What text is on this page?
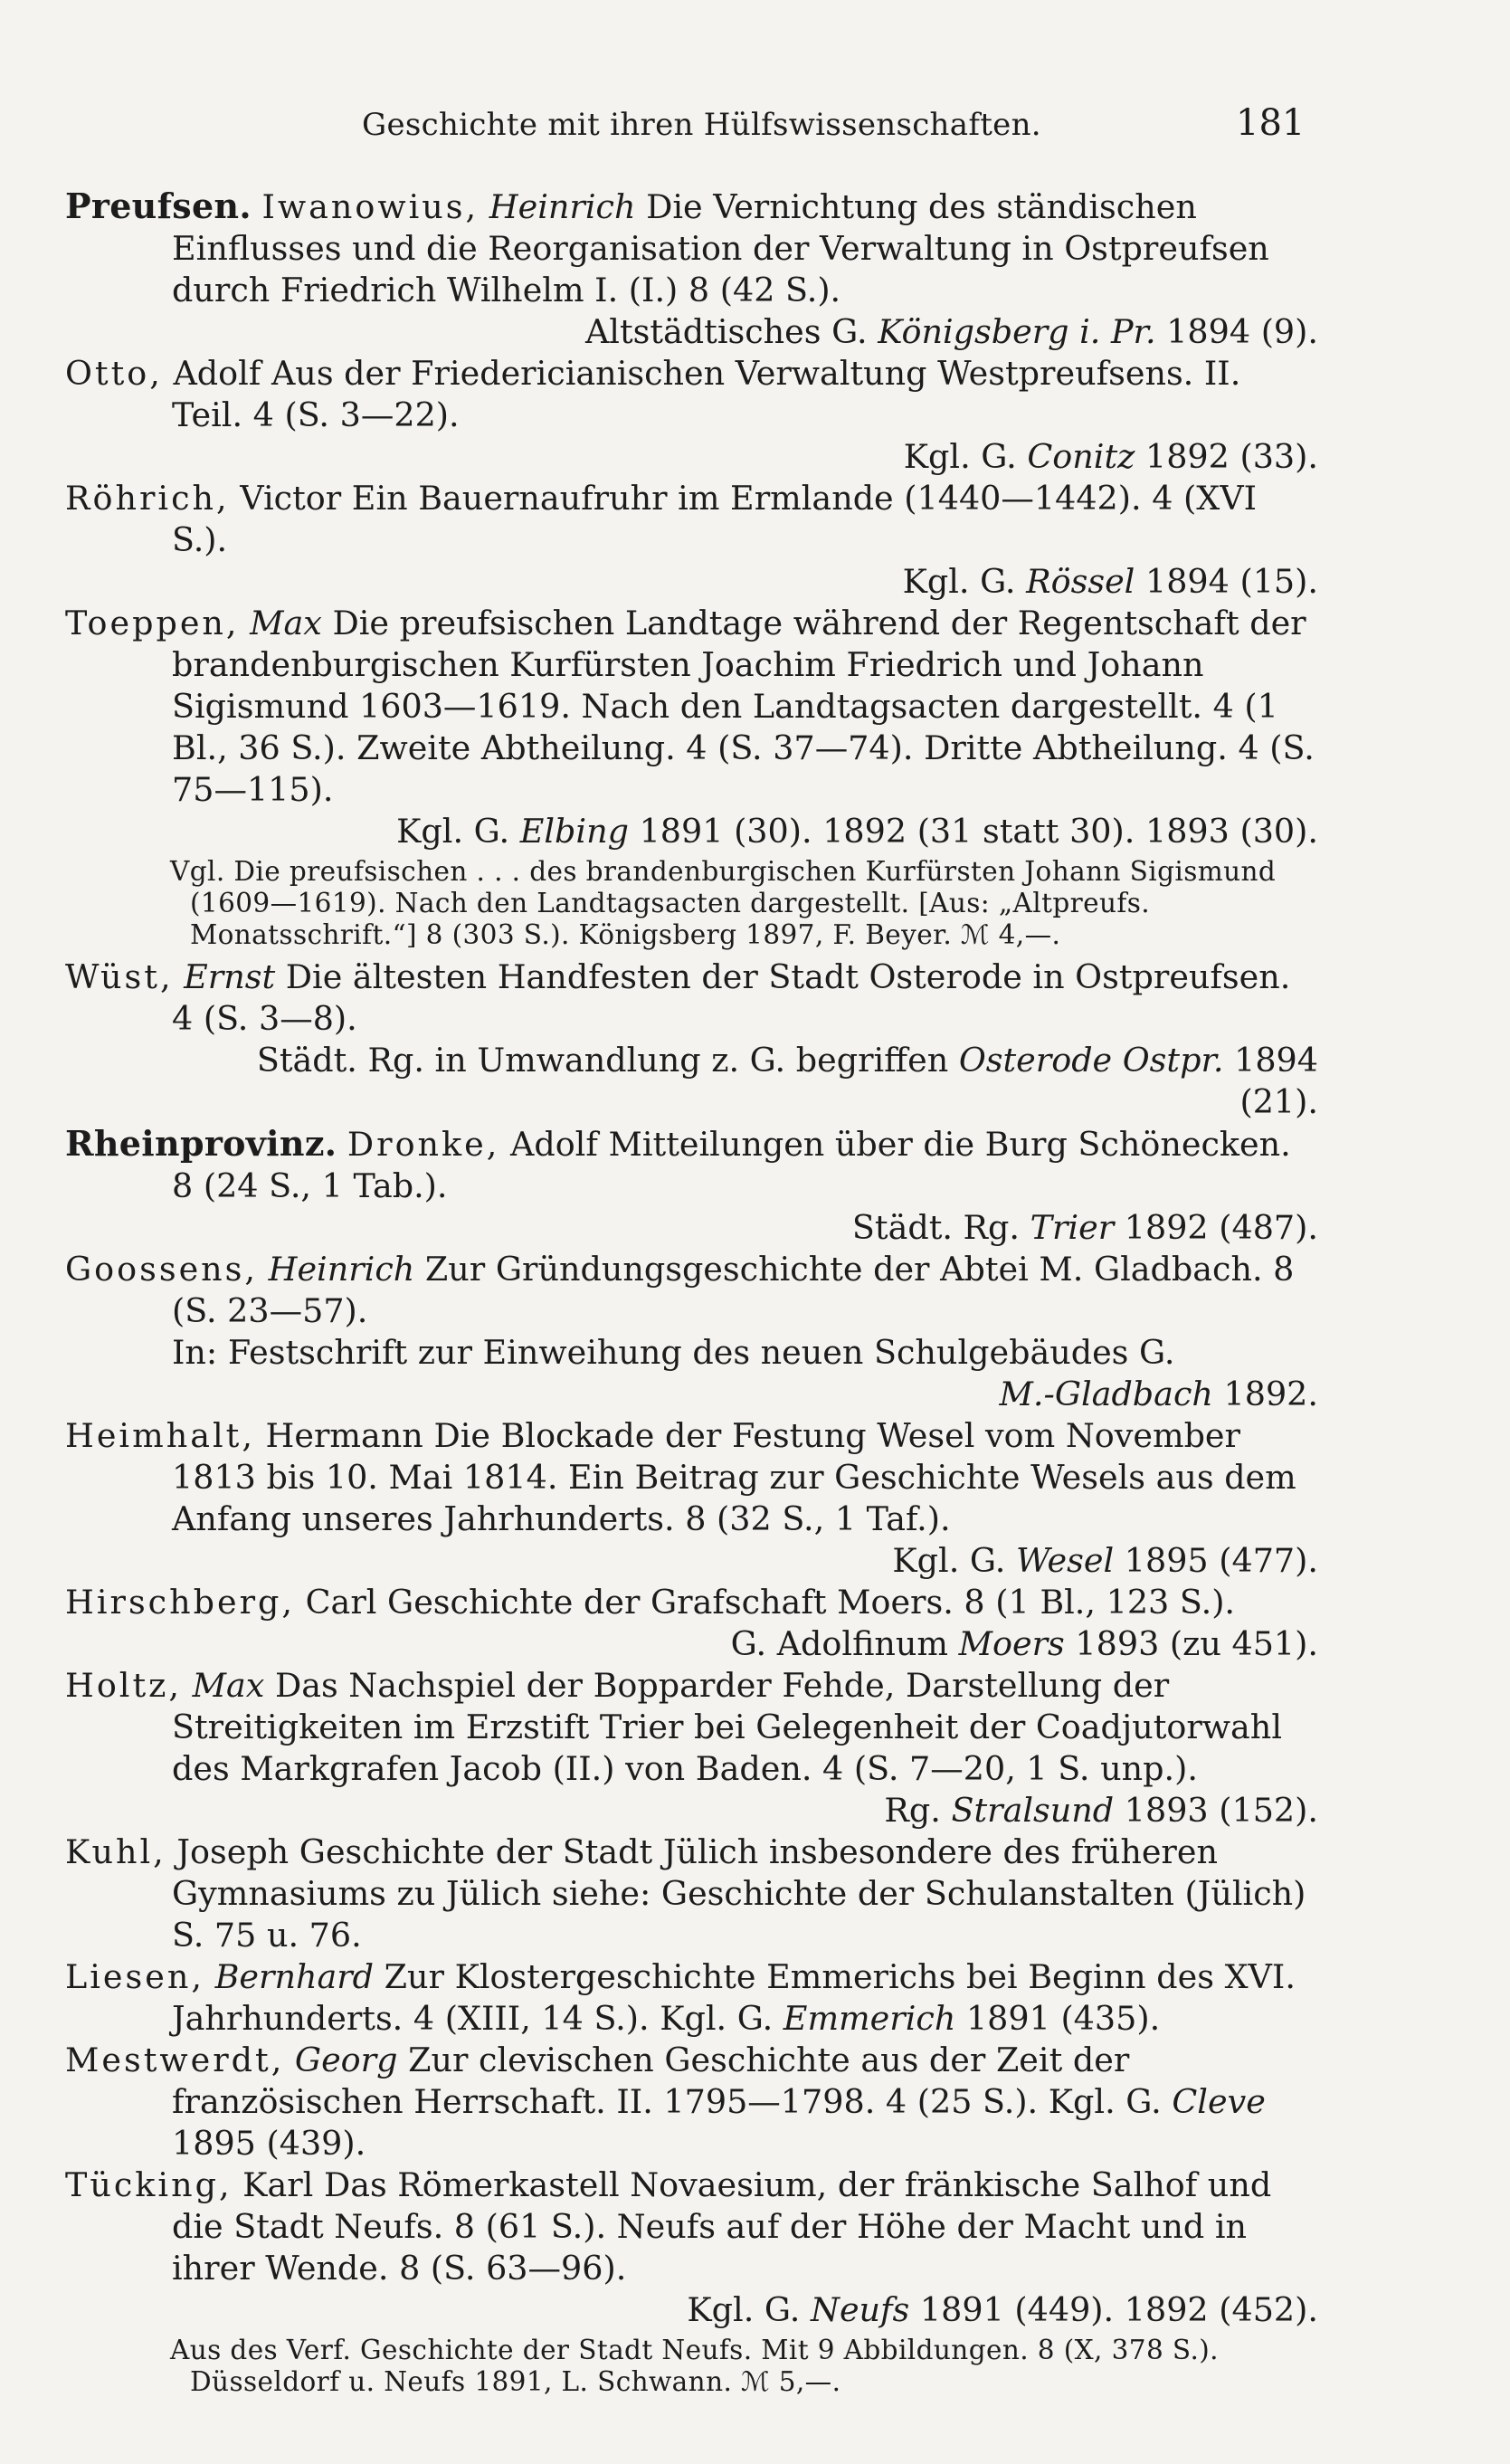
Geschichte mit ihren Hülfswissenschaften.	181
Preufsen. Iwanowius, Heinrich Die Vernichtung des ständischen Einflusses und die Reorganisation der Verwaltung in Ostpreufsen durch Friedrich Wilhelm I. (I.) 8 (42 S.).
Altstädtisches G. Königsberg i. Pr. 1894 (9).
Otto, Adolf Aus der Friedericianischen Verwaltung Westpreufsens. II. Teil. 4 (S. 3—22).
Kgl. G. Conitz 1892 (33).
Röhrich, Victor Ein Bauernaufruhr im Ermlande (1440—1442). 4 (XVI S.).
Kgl. G. Rössel 1894 (15).
Toeppen, Max Die preufsischen Landtage während der Regentschaft der brandenburgischen Kurfürsten Joachim Friedrich und Johann Sigismund 1603—1619. Nach den Landtagsacten dargestellt. 4 (1 Bl., 36 S.). Zweite Abtheilung. 4 (S. 37—74). Dritte Abtheilung. 4 (S. 75—115).
Kgl. G. Elbing 1891 (30). 1892 (31 statt 30). 1893 (30).
Vgl. Die preufsischen . . . des brandenburgischen Kurfürsten Johann Sigismund (1609—1619). Nach den Landtagsacten dargestellt. [Aus: „Altpreufs. Monatsschrift.“] 8 (303 S.). Königsberg 1897, F. Beyer. ℳ 4,—.
Wüst, Ernst Die ältesten Handfesten der Stadt Osterode in Ostpreufsen. 4 (S. 3—8).
Städt. Rg. in Umwandlung z. G. begriffen Osterode Ostpr. 1894 (21).
Rheinprovinz. Dronke, Adolf Mitteilungen über die Burg Schönecken. 8 (24 S., 1 Tab.).
Städt. Rg. Trier 1892 (487).
Goossens, Heinrich Zur Gründungsgeschichte der Abtei M. Gladbach. 8 (S. 23—57).
In: Festschrift zur Einweihung des neuen Schulgebäudes G.
M.-Gladbach 1892.
Heimhalt, Hermann Die Blockade der Festung Wesel vom November 1813 bis 10. Mai 1814. Ein Beitrag zur Geschichte Wesels aus dem Anfang unseres Jahrhunderts. 8 (32 S., 1 Taf.).
Kgl. G. Wesel 1895 (477).
Hirschberg, Carl Geschichte der Grafschaft Moers. 8 (1 Bl., 123 S.).
G. Adolfinum Moers 1893 (zu 451).
Holtz, Max Das Nachspiel der Bopparder Fehde, Darstellung der Streitigkeiten im Erzstift Trier bei Gelegenheit der Coadjutorwahl des Markgrafen Jacob (II.) von Baden. 4 (S. 7—20, 1 S. unp.).
Rg. Stralsund 1893 (152).
Kuhl, Joseph Geschichte der Stadt Jülich insbesondere des früheren Gymnasiums zu Jülich siehe: Geschichte der Schulanstalten (Jülich) S. 75 u. 76.
Liesen, Bernhard Zur Klostergeschichte Emmerichs bei Beginn des XVI. Jahrhunderts. 4 (XIII, 14 S.). Kgl. G. Emmerich 1891 (435).
Mestwerdt, Georg Zur clevischen Geschichte aus der Zeit der französischen Herrschaft. II. 1795—1798. 4 (25 S.). Kgl. G. Cleve 1895 (439).
Tücking, Karl Das Römerkastell Novaesium, der fränkische Salhof und die Stadt Neufs. 8 (61 S.). Neufs auf der Höhe der Macht und in ihrer Wende. 8 (S. 63—96).
Kgl. G. Neufs 1891 (449). 1892 (452).
Aus des Verf. Geschichte der Stadt Neufs. Mit 9 Abbildungen. 8 (X, 378 S.). Düsseldorf u. Neufs 1891, L. Schwann. ℳ 5,—.
